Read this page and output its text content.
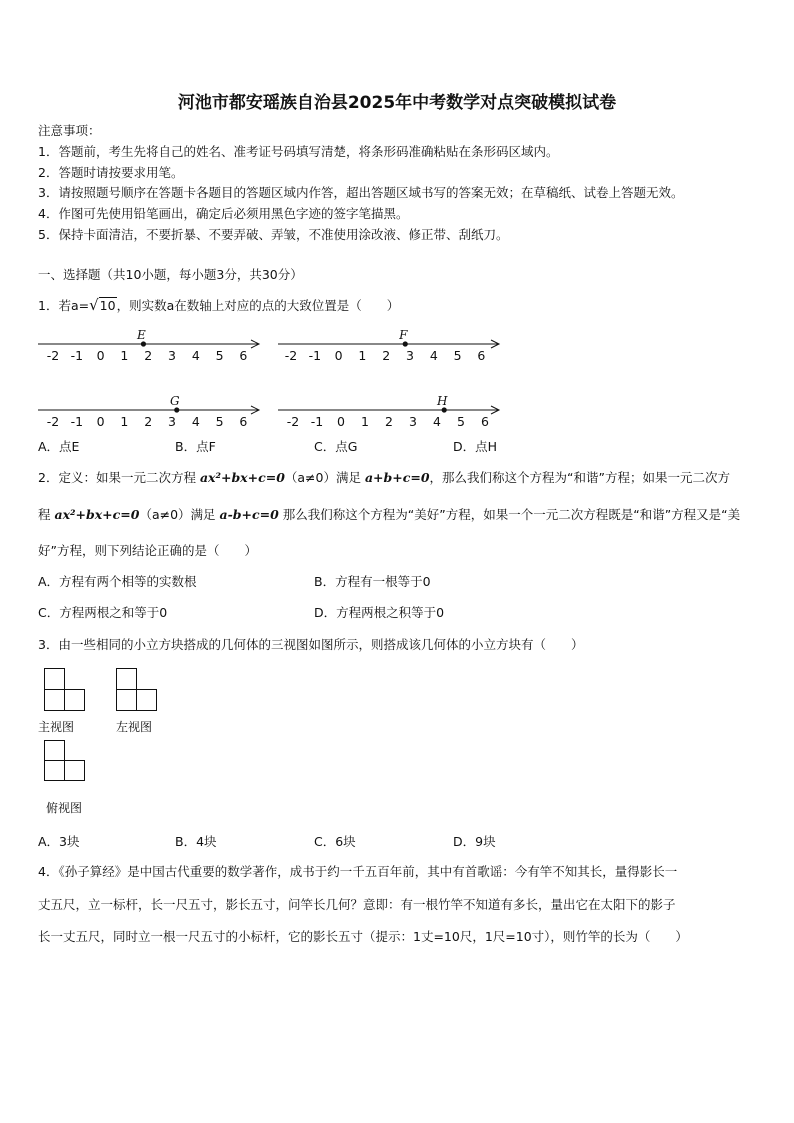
河池市都安瑶族自治县2025年中考数学对点突破模拟试卷
注意事项：
1．答题前，考生先将自己的姓名、准考证号码填写清楚，将条形码准确粘贴在条形码区域内。
2．答题时请按要求用笔。
3．请按照题号顺序在答题卡各题目的答题区域内作答，超出答题区域书写的答案无效；在草稿纸、试卷上答题无效。
4．作图可先使用铅笔画出，确定后必须用黑色字迹的签字笔描黑。
5．保持卡面清洁，不要折暴、不要弄破、弄皱，不准使用涂改液、修正带、刮纸刀。
一、选择题（共10小题，每小题3分，共30分）
1．若a=√10，则实数a在数轴上对应的点的大致位置是（　　）
-2 -1 0 1 2 3 4 5 6
E
-2 -1 0 1 2 3 4 5 6
F
-2 -1 0 1 2 3 4 5 6
G
-2 -1 0 1 2 3 4 5 6
H
A．点E	B．点F	C．点G	D．点H
2．定义：如果一元二次方程 ax²+bx+c=0（a≠0）满足 a+b+c=0，那么我们称这个方程为“和谐”方程；如果一元二次方
程 ax²+bx+c=0（a≠0）满足 a-b+c=0 那么我们称这个方程为“美好”方程，如果一个一元二次方程既是“和谐”方程又是“美
好”方程，则下列结论正确的是（　　）
A．方程有两个相等的实数根	B．方程有一根等于0
C．方程两根之和等于0	D．方程两根之积等于0
3．由一些相同的小立方块搭成的几何体的三视图如图所示，则搭成该几何体的小立方块有（　　）
主视图	左视图
俯视图
A．3块	B．4块	C．6块	D．9块
4．《孙子算经》是中国古代重要的数学著作，成书于约一千五百年前，其中有首歌谣：今有竿不知其长，量得影长一
丈五尺，立一标杆，长一尺五寸，影长五寸，问竿长几何？意即：有一根竹竿不知道有多长，量出它在太阳下的影子
长一丈五尺，同时立一根一尺五寸的小标杆，它的影长五寸（提示：1丈=10尺，1尺=10寸），则竹竿的长为（　　）
